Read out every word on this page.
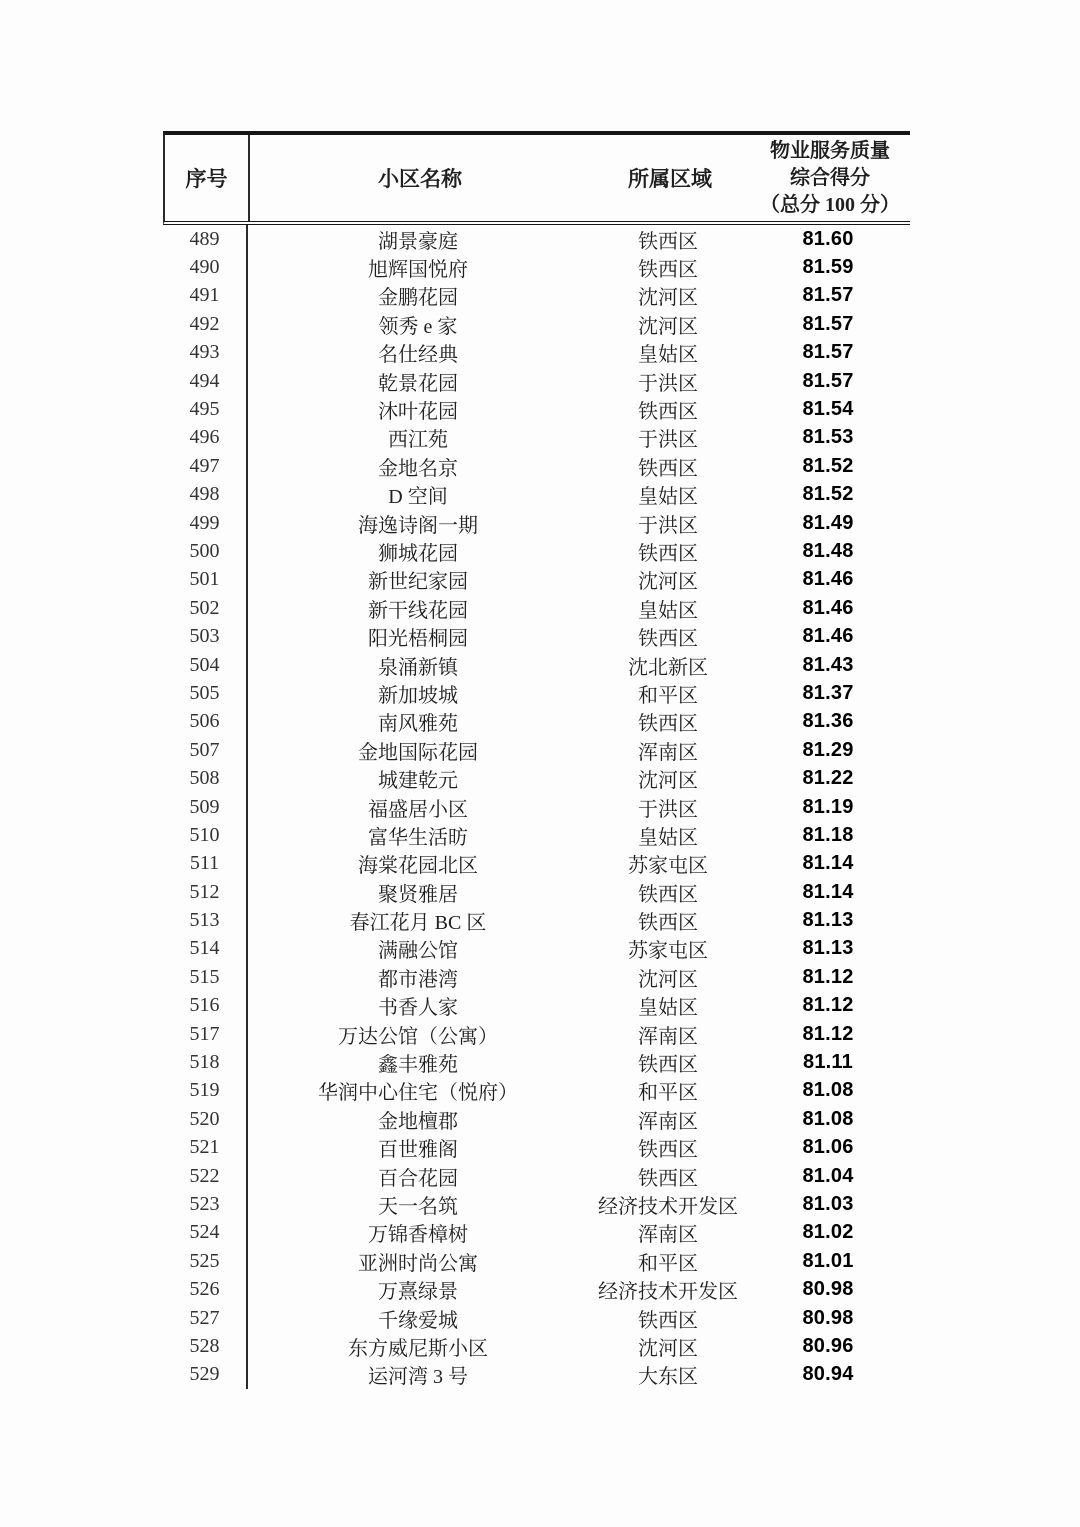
序号	小区名称	所属区域
物业服务质量
综合得分
（总分 100 分）
489	湖景豪庭	铁西区	81.60
490	旭辉国悦府	铁西区	81.59
491	金鹏花园	沈河区	81.57
492	领秀 e 家	沈河区	81.57
493	名仕经典	皇姑区	81.57
494	乾景花园	于洪区	81.57
495	沐叶花园	铁西区	81.54
496	西江苑	于洪区	81.53
497	金地名京	铁西区	81.52
498	D 空间	皇姑区	81.52
499	海逸诗阁一期	于洪区	81.49
500	狮城花园	铁西区	81.48
501	新世纪家园	沈河区	81.46
502	新干线花园	皇姑区	81.46
503	阳光梧桐园	铁西区	81.46
504	泉涌新镇	沈北新区	81.43
505	新加坡城	和平区	81.37
506	南风雅苑	铁西区	81.36
507	金地国际花园	浑南区	81.29
508	城建乾元	沈河区	81.22
509	福盛居小区	于洪区	81.19
510	富华生活昉	皇姑区	81.18
511	海棠花园北区	苏家屯区	81.14
512	聚贤雅居	铁西区	81.14
513	春江花月 BC 区	铁西区	81.13
514	满融公馆	苏家屯区	81.13
515	都市港湾	沈河区	81.12
516	书香人家	皇姑区	81.12
517	万达公馆（公寓）	浑南区	81.12
518	鑫丰雅苑	铁西区	81.11
519	华润中心住宅（悦府）	和平区	81.08
520	金地檀郡	浑南区	81.08
521	百世雅阁	铁西区	81.06
522	百合花园	铁西区	81.04
523	天一名筑	经济技术开发区	81.03
524	万锦香樟树	浑南区	81.02
525	亚洲时尚公寓	和平区	81.01
526	万熹绿景	经济技术开发区	80.98
527	千缘爱城	铁西区	80.98
528	东方威尼斯小区	沈河区	80.96
529	运河湾 3 号	大东区	80.94
